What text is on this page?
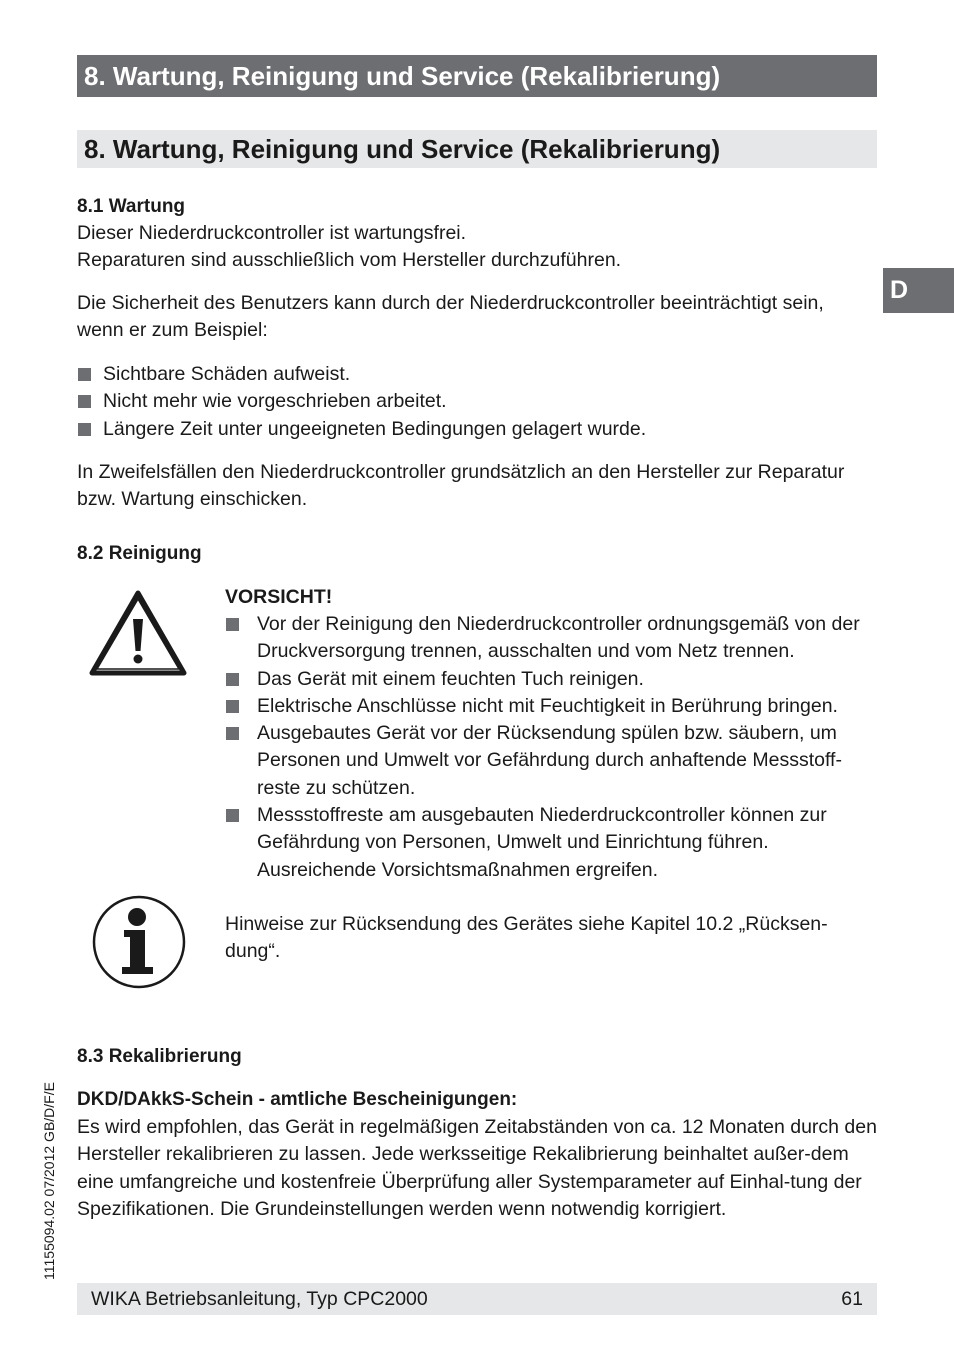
8. Wartung, Reinigung und Service (Rekalibrierung)
D
8. Wartung, Reinigung und Service (Rekalibrierung)
8.1 Wartung
Dieser Niederdruckcontroller ist wartungsfrei.
Reparaturen sind ausschließlich vom Hersteller durchzuführen.
Die Sicherheit des Benutzers kann durch der Niederdruckcontroller beeinträchtigt sein, wenn er zum Beispiel:
Sichtbare Schäden aufweist.
Nicht mehr wie vorgeschrieben arbeitet.
Längere Zeit unter ungeeigneten Bedingungen gelagert wurde.
In Zweifelsfällen den Niederdruckcontroller grundsätzlich an den Hersteller zur Reparatur bzw. Wartung einschicken.
8.2 Reinigung
VORSICHT!
Vor der Reinigung den Niederdruckcontroller ordnungsgemäß von der Druckversorgung trennen, ausschalten und vom Netz trennen.
Das Gerät mit einem feuchten Tuch reinigen.
Elektrische Anschlüsse nicht mit Feuchtigkeit in Berührung bringen.
Ausgebautes Gerät vor der Rücksendung spülen bzw. säubern, um Personen und Umwelt vor Gefährdung durch anhaftende Messstoffreste zu schützen.
Messstoffreste am ausgebauten Niederdruckcontroller können zur Gefährdung von Personen, Umwelt und Einrichtung führen. Ausreichende Vorsichtsmaßnahmen ergreifen.
Hinweise zur Rücksendung des Gerätes siehe Kapitel 10.2 „Rücksen-dung“.
8.3 Rekalibrierung
DKD/DAkkS-Schein - amtliche Bescheinigungen:
Es wird empfohlen, das Gerät in regelmäßigen Zeitabständen von ca. 12 Monaten durch den Hersteller rekalibrieren zu lassen. Jede werksseitige Rekalibrierung beinhaltet außer-dem eine umfangreiche und kostenfreie Überprüfung aller Systemparameter auf Einhal-tung der Spezifikationen. Die Grundeinstellungen werden wenn notwendig korrigiert.
11155094.02 07/2012 GB/D/F/E
WIKA Betriebsanleitung, Typ CPC2000	61
